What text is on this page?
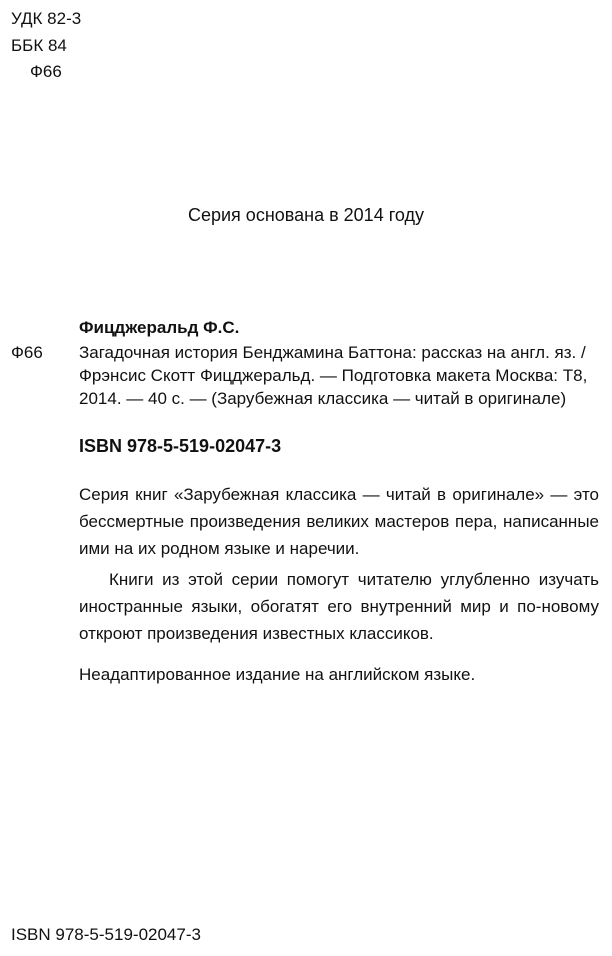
УДК 82-3
ББК 84
Ф66
Серия основана в 2014 году
Фицджеральд Ф.С.
Ф66 Загадочная история Бенджамина Баттона: рассказ на англ. яз. /
Фрэнсис Скотт Фицджеральд. — Подготовка макета Москва: Т8,
2014. — 40 с. — (Зарубежная классика — читай в оригинале)
ISBN 978-5-519-02047-3

Серия книг «Зарубежная классика — читай в оригинале» — это бессмертные произведения великих мастеров пера, написанные ими на их родном языке и наречии.

Книги из этой серии помогут читателю углубленно изучать иностранные языки, обогатят его внутренний мир и по-новому откроют произведения известных классиков.

Неадаптированное издание на английском языке.

ISBN 978-5-519-02047-3
